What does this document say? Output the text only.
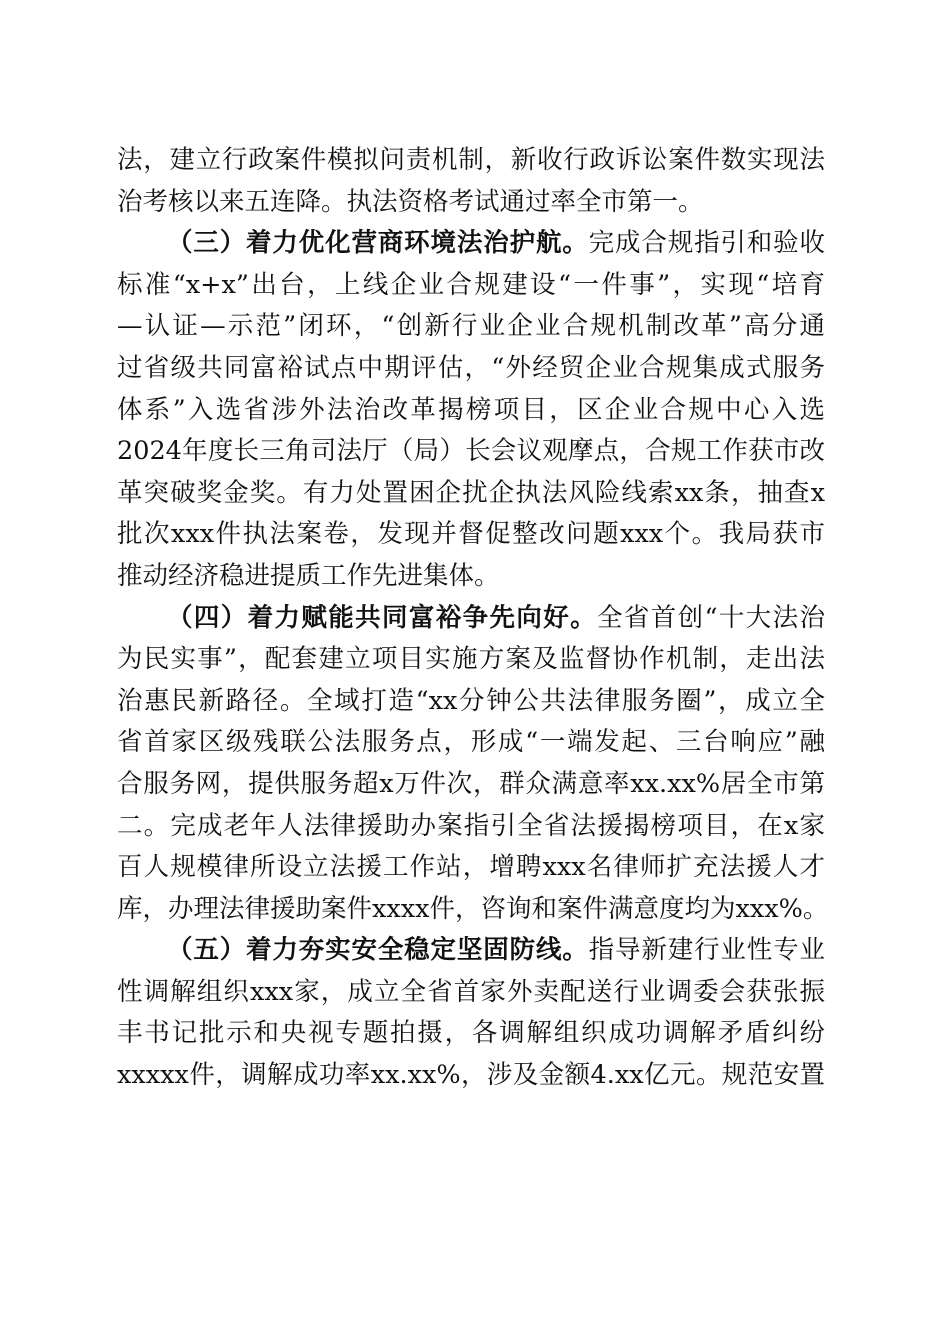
法，建立行政案件模拟问责机制，新收行政诉讼案件数实现法
治考核以来五连降。执法资格考试通过率全市第一。
（三）着力优化营商环境法治护航。完成合规指引和验收
标准“x+x”出台，上线企业合规建设“一件事”，实现“培育
—认证—示范”闭环，“创新行业企业合规机制改革”高分通
过省级共同富裕试点中期评估，“外经贸企业合规集成式服务
体系”入选省涉外法治改革揭榜项目，区企业合规中心入选
2024年度长三角司法厅（局）长会议观摩点，合规工作获市改
革突破奖金奖。有力处置困企扰企执法风险线索xx条，抽查x
批次xxx件执法案卷，发现并督促整改问题xxx个。我局获市
推动经济稳进提质工作先进集体。
（四）着力赋能共同富裕争先向好。全省首创“十大法治
为民实事”，配套建立项目实施方案及监督协作机制，走出法
治惠民新路径。全域打造“xx分钟公共法律服务圈”，成立全
省首家区级残联公法服务点，形成“一端发起、三台响应”融
合服务网，提供服务超x万件次，群众满意率xx.xx%居全市第
二。完成老年人法律援助办案指引全省法援揭榜项目，在x家
百人规模律所设立法援工作站，增聘xxx名律师扩充法援人才
库，办理法律援助案件xxxx件，咨询和案件满意度均为xxx%。
（五）着力夯实安全稳定坚固防线。指导新建行业性专业
性调解组织xxx家，成立全省首家外卖配送行业调委会获张振
丰书记批示和央视专题拍摄，各调解组织成功调解矛盾纠纷
xxxxx件，调解成功率xx.xx%，涉及金额4.xx亿元。规范安置
